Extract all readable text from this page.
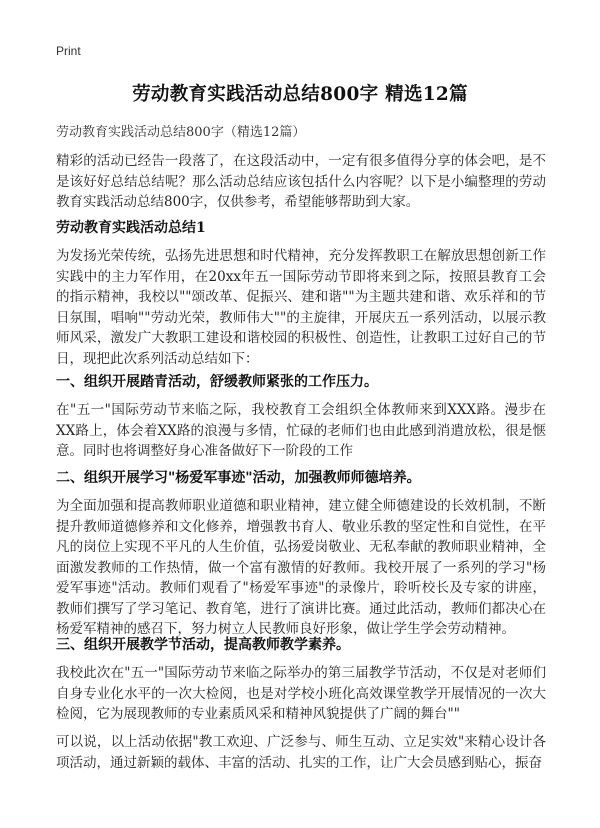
Print
劳动教育实践活动总结800字 精选12篇
劳动教育实践活动总结800字（精选12篇）

精彩的活动已经告一段落了，在这段活动中，一定有很多值得分享的体会吧，是不是该好好总结总结呢？那么活动总结应该包括什么内容呢？以下是小编整理的劳动教育实践活动总结800字，仅供参考，希望能够帮助到大家。

劳动教育实践活动总结1

为发扬光荣传统，弘扬先进思想和时代精神，充分发挥教职工在解放思想创新工作实践中的主力军作用，在20xx年五一国际劳动节即将来到之际，按照县教育工会的指示精神，我校以""颂改革、促振兴、建和谐""为主题共建和谐、欢乐祥和的节日氛围，唱响""劳动光荣，教师伟大""的主旋律，开展庆五一系列活动，以展示教师风采，激发广大教职工建设和谐校园的积极性、创造性，让教职工过好自己的节日，现把此次系列活动总结如下：

一、组织开展踏青活动，舒缓教师紧张的工作压力。

在"五一"国际劳动节来临之际，我校教育工会组织全体教师来到XXX路。漫步在XX路上，体会着XX路的浪漫与多情，忙碌的老师们也由此感到消遣放松，很是惬意。同时也将调整好身心准备做好下一阶段的工作

二、组织开展学习"杨爱军事迹"活动，加强教师师德培养。

为全面加强和提高教师职业道德和职业精神，建立健全师德建设的长效机制，不断提升教师道德修养和文化修养，增强教书育人、敬业乐教的坚定性和自觉性，在平凡的岗位上实现不平凡的人生价值，弘扬爱岗敬业、无私奉献的教师职业精神，全面激发教师的工作热情，做一个富有激情的好教师。我校开展了一系列的学习"杨爱军事迹"活动。教师们观看了"杨爱军事迹"的录像片，聆听校长及专家的讲座，教师们撰写了学习笔记、教育笔，进行了演讲比赛。通过此活动，教师们都决心在杨爱军精神的感召下，努力树立人民教师良好形象，做让学生学会劳动精神。

三、组织开展教学节活动，提高教师教学素养。

我校此次在"五一"国际劳动节来临之际举办的第三届教学节活动，不仅是对老师们自身专业化水平的一次大检阅，也是对学校小班化高效课堂教学开展情况的一次大检阅，它为展现教师的专业素质风采和精神风貌提供了广阔的舞台""

可以说，以上活动依据"教工欢迎、广泛参与、师生互动、立足实效"来精心设计各项活动，通过新颖的载体、丰富的活动、扎实的工作，让广大会员感到贴心，振奋
